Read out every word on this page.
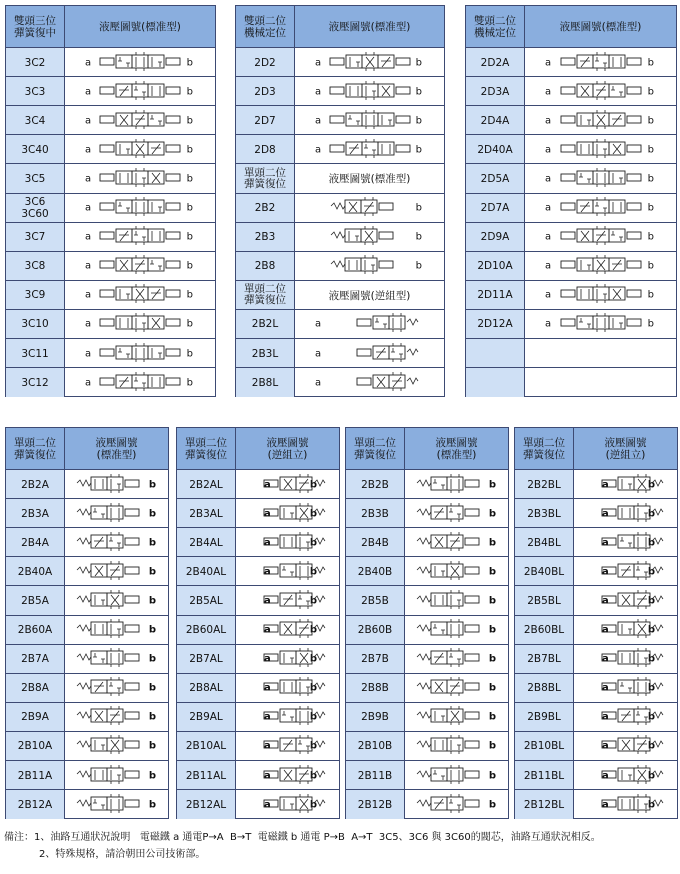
雙頭三位
彈簧復中	液壓圖號(標准型)
3C2	a	b
3C3	a	b
3C4	a	b
3C40	a	b
3C5	a	b
3C6
3C60	a	b
3C7	a	b
3C8	a	b
3C9	a	b
3C10	a	b
3C11	a	b
3C12	a	b
雙頭二位
機械定位	液壓圖號(標准型)
2D2	a	b
2D3	a	b
2D7	a	b
2D8	a	b
單頭二位
彈簧復位	液壓圖號(標准型)
2B2	b
2B3	b
2B8	b
單頭二位
彈簧復位	液壓圖號(逆組型)
2B2L	a
2B3L	a
2B8L	a
雙頭二位
機械定位	液壓圖號(標准型)
2D2A	a	b
2D3A	a	b
2D4A	a	b
2D40A	a	b
2D5A	a	b
2D7A	a	b
2D9A	a	b
2D10A	a	b
2D11A	a	b
2D12A	a	b
單頭二位
彈簧復位
液壓圖號
(標准型)
2B2A	b
2B3A	b
2B4A	b
2B40A	b
2B5A	b
2B60A	b
2B7A	b
2B8A	b
2B9A	b
2B10A	b
2B11A	b
2B12A	b
單頭二位
彈簧復位
液壓圖號
(逆組立)
2B2AL	a	b
2B3AL	a	b
2B4AL	a	b
2B40AL	a	b
2B5AL	a	b
2B60AL	a	b
2B7AL	a	b
2B8AL	a	b
2B9AL	a	b
2B10AL	a	b
2B11AL	a	b
2B12AL	a	b
單頭二位
彈簧復位
液壓圖號
(標准型)
2B2B	b
2B3B	b
2B4B	b
2B40B	b
2B5B	b
2B60B	b
2B7B	b
2B8B	b
2B9B	b
2B10B	b
2B11B	b
2B12B	b
單頭二位
彈簧復位
液壓圖號
(逆組立)
2B2BL	a	b
2B3BL	a	b
2B4BL	a	b
2B40BL	a	b
2B5BL	a	b
2B60BL	a	b
2B7BL	a	b
2B8BL	a	b
2B9BL	a	b
2B10BL	a	b
2B11BL	a	b
2B12BL	a	b
備注：1、油路互通狀況說明   電磁鐵 a 通電P→A  B→T  電磁鐵 b 通電 P→B  A→T  3C5、3C6 與 3C60的閥芯，油路互通狀況相反。
2、特殊規格，請洽朝田公司技術部。
